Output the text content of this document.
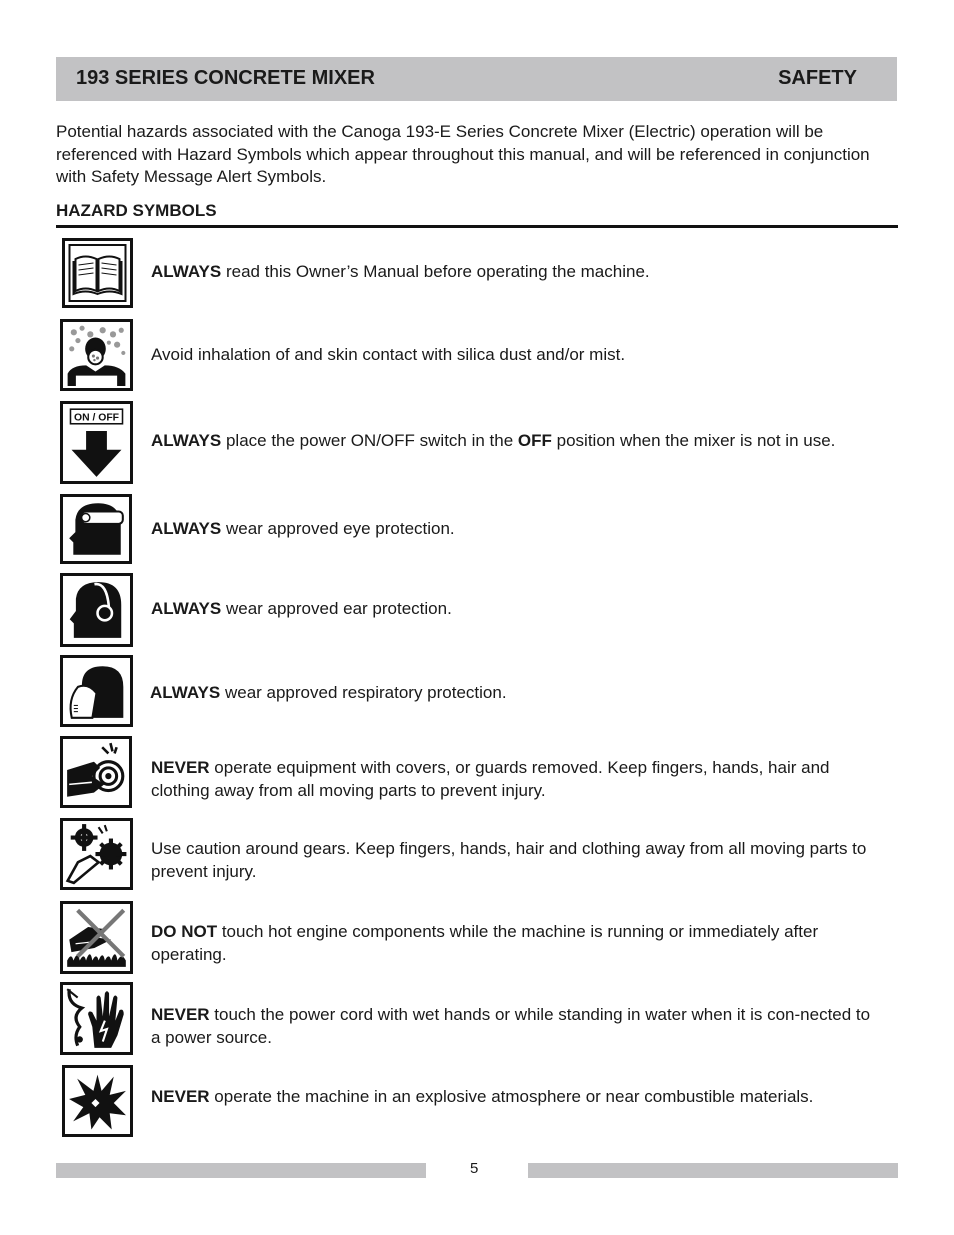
193 SERIES CONCRETE MIXER	SAFETY

Potential hazards associated with the Canoga 193-E Series Concrete Mixer (Electric) operation will be referenced with Hazard Symbols which appear throughout this manual, and will be referenced in conjunction with Safety Message Alert Symbols.

HAZARD SYMBOLS

ALWAYS read this Owner’s Manual before operating the machine.

Avoid inhalation of and skin contact with silica dust and/or mist.

ON / OFF

ALWAYS place the power ON/OFF switch in the OFF position when the mixer is not in use.

ALWAYS wear approved eye protection.

ALWAYS wear approved ear protection.

ALWAYS wear approved respiratory protection.

NEVER operate equipment with covers, or guards removed. Keep fingers, hands, hair and clothing away from all moving parts to prevent injury.

Use caution around gears. Keep fingers, hands, hair and clothing away from all moving parts to prevent injury.

DO NOT touch hot engine components while the machine is running or immediately after operating.

NEVER touch the power cord with wet hands or while standing in water when it is con-nected to a power source.

NEVER operate the machine in an explosive atmosphere or near combustible materials.

5
